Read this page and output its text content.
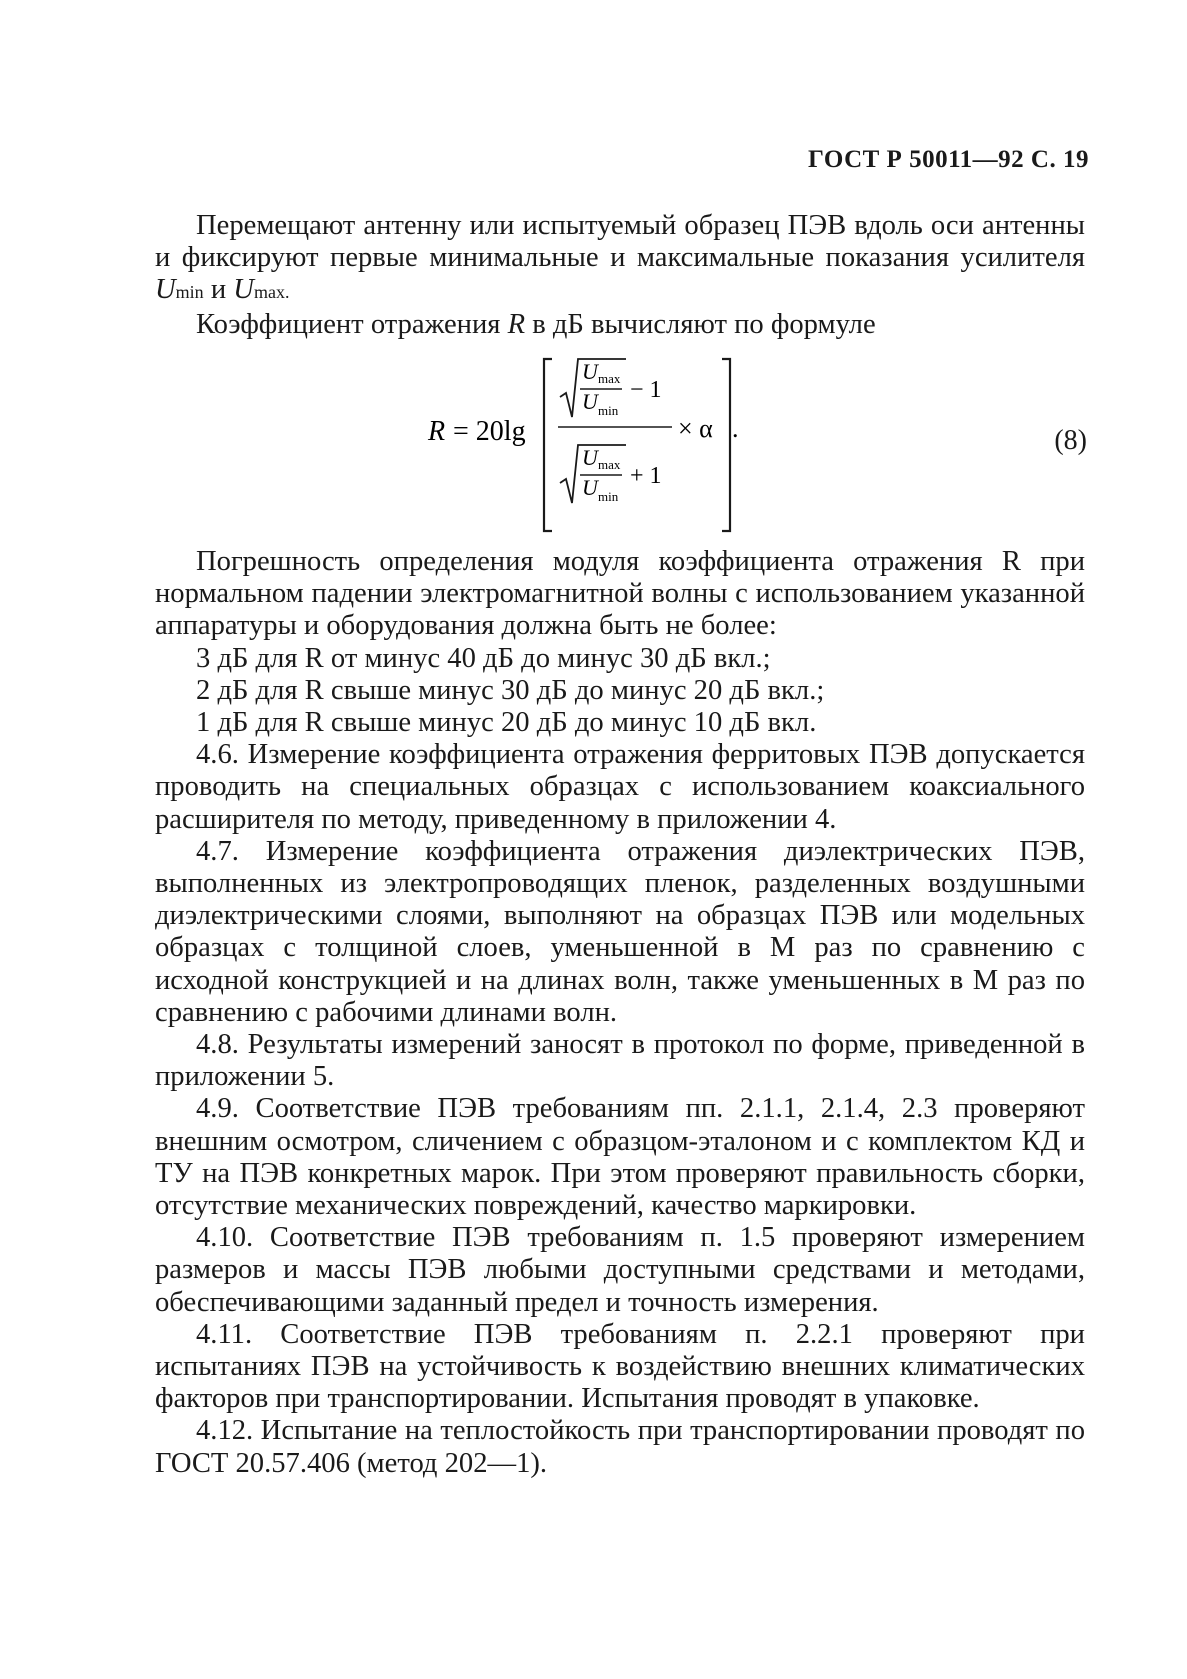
ГОСТ Р 50011—92 С. 19

Перемещают антенну или испытуемый образец ПЭВ вдоль оси антенны и фиксируют первые минимальные и максимальные показания усилителя Umin и Umax.

Коэффициент отражения R в дБ вычисляют по формуле

R = 20lg
U max
U min
− 1
U max
U min
+ 1
× α .	(8)

Погрешность определения модуля коэффициента отражения R при нормальном падении электромагнитной волны с использованием указанной аппаратуры и оборудования должна быть не более:

3 дБ для R от минус 40 дБ до минус 30 дБ вкл.;

2 дБ для R свыше минус 30 дБ до минус 20 дБ вкл.;

1 дБ для R свыше минус 20 дБ до минус 10 дБ вкл.

4.6. Измерение коэффициента отражения ферритовых ПЭВ допускается проводить на специальных образцах с использованием коаксиального расширителя по методу, приведенному в приложении 4.

4.7. Измерение коэффициента отражения диэлектрических ПЭВ, выполненных из электропроводящих пленок, разделенных воздушными диэлектрическими слоями, выполняют на образцах ПЭВ или модельных образцах с толщиной слоев, уменьшенной в M раз по сравнению с исходной конструкцией и на длинах волн, также уменьшенных в M раз по сравнению с рабочими длинами волн.

4.8. Результаты измерений заносят в протокол по форме, приведенной в приложении 5.

4.9. Соответствие ПЭВ требованиям пп. 2.1.1, 2.1.4, 2.3 проверяют внешним осмотром, сличением с образцом-эталоном и с комплектом КД и ТУ на ПЭВ конкретных марок. При этом проверяют правильность сборки, отсутствие механических повреждений, качество маркировки.

4.10. Соответствие ПЭВ требованиям п. 1.5 проверяют измерением размеров и массы ПЭВ любыми доступными средствами и методами, обеспечивающими заданный предел и точность измерения.

4.11. Соответствие ПЭВ требованиям п. 2.2.1 проверяют при испытаниях ПЭВ на устойчивость к воздействию внешних климатических факторов при транспортировании. Испытания проводят в упаковке.

4.12. Испытание на теплостойкость при транспортировании проводят по ГОСТ 20.57.406 (метод 202—1).
